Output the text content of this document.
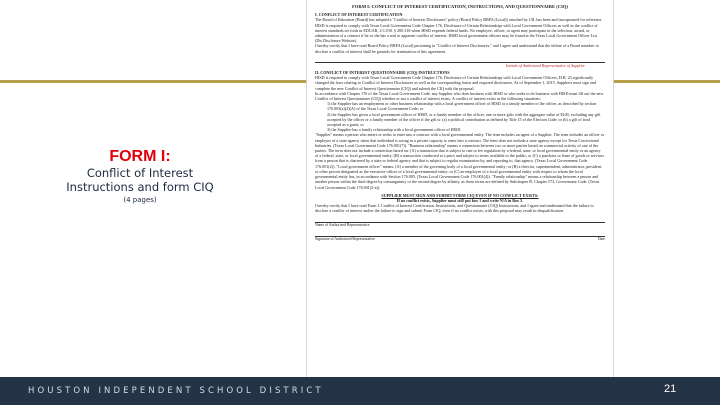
FORM I:
Conflict of Interest
Instructions and form CIQ
(4 pages)
FORM I: CONFLICT OF INTEREST CERTIFICATION, INSTRUCTIONS, AND QUESTIONNAIRE (CIQ)
I. CONFLICT OF INTEREST CERTIFICATION
The Board of Education (Board) has adopted a "Conflict of Interest Disclosures" policy (Board Policy BBFA (Local)) attached by UIL has been and incorporated for reference. HISD is required to comply with Texas Local Government Code Chapter 176, Disclosure of Certain Relationships with Local Government Officers as well as the conflict of interest standards set forth in EDGAR, 2 C.F.R. § 200.318 when HISD expends federal funds. No employee, officer, or agent may participate in the selection, award, or administration of a contract if he or she has a real or apparent conflict of interest. HISD local government officers may be found at the Texas Local Government Officer List (Dis Disclosure Website).
I hereby certify that I have read Board Policy BBFA (Local) pertaining to "Conflict of Interest Disclosures," and I agree and understand that the failure of a Board member to disclose a conflict of interest shall be grounds for termination of this agreement.
Initials of Authorized Representative of Supplier
II. CONFLICT OF INTEREST QUESTIONNAIRE (CIQ) INSTRUCTIONS
HISD is required to comply with Texas Local Government Code Chapter 176, Disclosure of Certain Relationships with Local Government Officers; H.B. 23 significantly changed the laws relating to Conflict of Interest Disclosures as well as the corresponding forms and required disclosures. As of September 1, 2015, Suppliers must sign and complete the new Conflict of Interest Questionnaire (CIQ) and submit the CIQ with the proposal.
In accordance with Chapter 176 of the Texas Local Government Code, any Supplier who does business with HISD or who seeks to do business with HISD must fill out the new Conflict of Interest Questionnaire (CIQ) whether or not a conflict of interest exists. A conflict of interest exists in the following situations:
1) the Supplier has an employment or other business relationship with a local government officer of HISD or a family member of the officer, as described by section 176.003(a)(2)(A) of the Texas Local Government Code; or
2) the Supplier has given a local government officer of HISD, or a family member of the officer, one or more gifts with the aggregate value of $100, excluding any gift accepted by the officer or a family member of the officer if the gift is: (a) a political contribution as defined by Title 15 of the Election Code; or (b) a gift of food accepted as a guest; or
3) the Supplier has a family relationship with a local government officer of HISD.
"Supplier" means a person who enters or seeks to enter into a contract with a local governmental entity. The term includes an agent of a Supplier. The term includes an officer or employee of a state agency when that individual is acting in a private capacity to enter into a contract. The term does not include a state agency except for Texas Correctional Industries. (Texas Local Government Code 176.001(7)). "Business relationship" means a connection between two or more parties based on commercial activity of one of the parties. The term does not include a connection based on: (A) a transaction that is subject to rate or fee regulation by a federal, state, or local governmental entity or an agency of a federal, state, or local governmental entity; (B) a transaction conducted at a price and subject to terms available to the public; or (C) a purchase or lease of goods or services from a person that is chartered by a state or federal agency and that is subject to regular examination by, and reporting to, that agency. (Texas Local Government Code 176.001(2)). "Local government officer" means: (A) a member of the governing body of a local governmental entity; or (B) a director, superintendent, administrator, president, or other person designated as the executive officer of a local governmental entity; or (C) an employee of a local governmental entity with respect to whom the local governmental entity has, in accordance with Section 176.005, (Texas Local Government Code 176.001(4)). "Family relationship" means a relationship between a person and another person within the third degree by consanguinity or the second degree by affinity, as those terms are defined by Subchapter B, Chapter 573, Government Code. (Texas Local Government Code 176.001(2-a)).
SUPPLIER MUST SIGN AND SUBMIT FORM CIQ EVEN IF NO CONFLICT EXISTS:
If no conflict exists, Supplier must still put box 1 and write N/A in Box 5.
I hereby certify that I have read Form I: Conflict of Interest Certification, Instructions, and Questionnaire (CIQ) Instructions, and I agree and understand that the failure to disclose a conflict of interest and/or the failure to sign and submit Form CIQ, even if no conflict exists, with this proposal may result in disqualification.
Name of Authorized Representative
Signature of Authorized Representative	Date
HOUSTON INDEPENDENT SCHOOL DISTRICT	21
